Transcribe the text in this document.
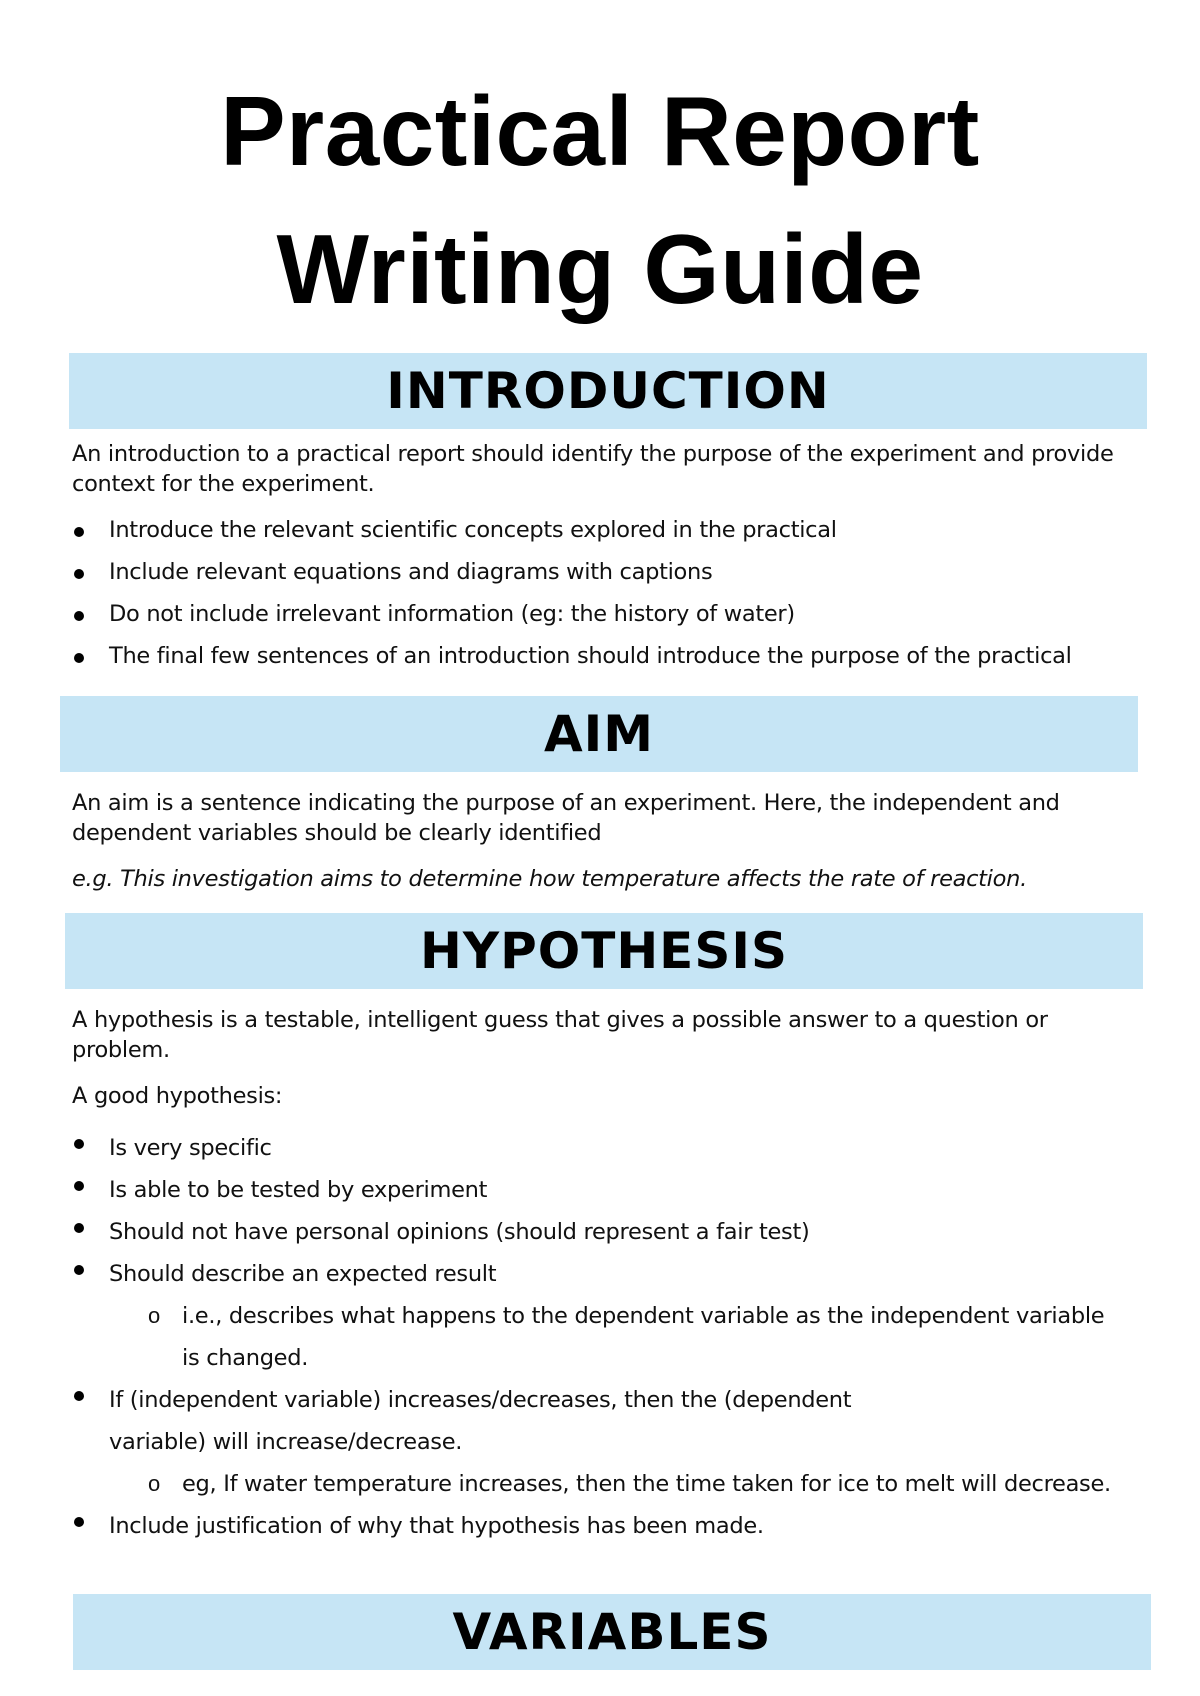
Practical Report
Writing Guide
INTRODUCTION

An introduction to a practical report should identify the purpose of the experiment and provide context for the experiment.

Introduce the relevant scientific concepts explored in the practical
Include relevant equations and diagrams with captions
Do not include irrelevant information (eg: the history of water)
The final few sentences of an introduction should introduce the purpose of the practical
AIM

An aim is a sentence indicating the purpose of an experiment. Here, the independent and dependent variables should be clearly identified

e.g. This investigation aims to determine how temperature affects the rate of reaction.

HYPOTHESIS

A hypothesis is a testable, intelligent guess that gives a possible answer to a question or problem.

A good hypothesis:

Is very specific
Is able to be tested by experiment
Should not have personal opinions (should represent a fair test)
Should describe an expected result
o i.e., describes what happens to the dependent variable as the independent variable is changed.
If (independent variable) increases/decreases, then the (dependent variable) will increase/decrease.
o eg, If water temperature increases, then the time taken for ice to melt will decrease.
Include justification of why that hypothesis has been made.
VARIABLES
